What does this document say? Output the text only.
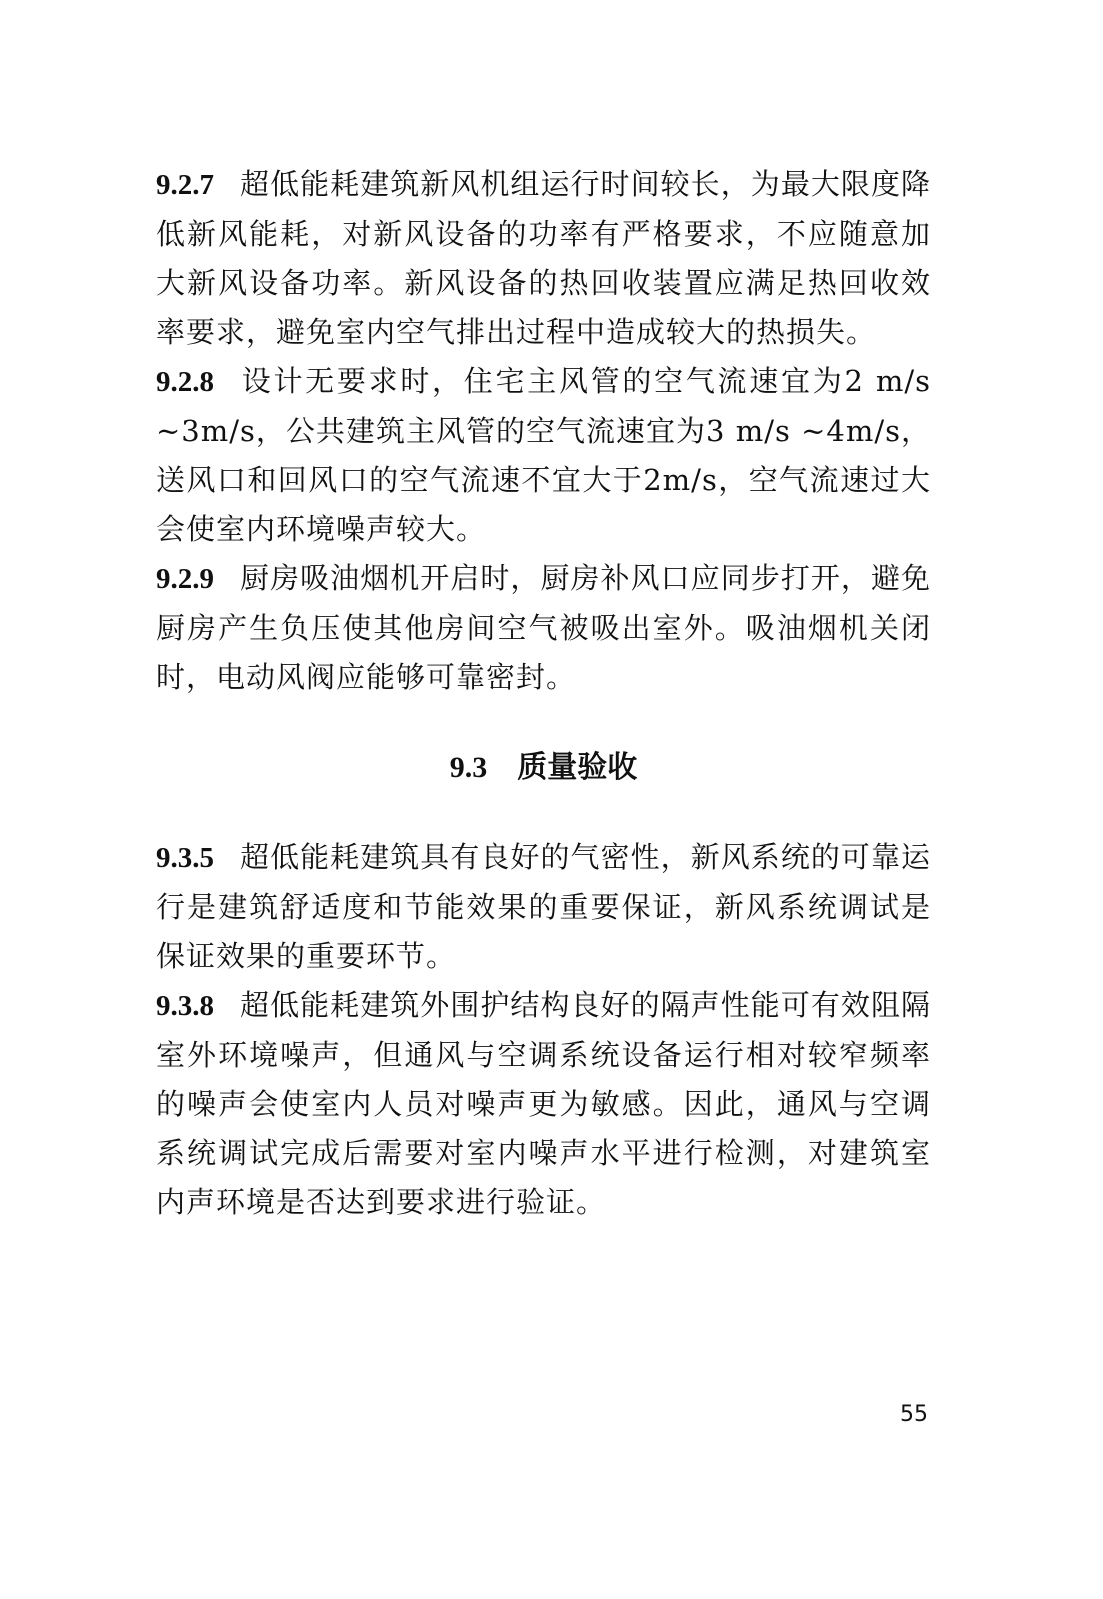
9.2.7 超低能耗建筑新风机组运行时间较长，为最大限度降低新风能耗，对新风设备的功率有严格要求，不应随意加大新风设备功率。新风设备的热回收装置应满足热回收效率要求，避免室内空气排出过程中造成较大的热损失。

9.2.8 设计无要求时，住宅主风管的空气流速宜为2 m/s ~3m/s，公共建筑主风管的空气流速宜为3 m/s ~4m/s，送风口和回风口的空气流速不宜大于2m/s，空气流速过大会使室内环境噪声较大。

9.2.9 厨房吸油烟机开启时，厨房补风口应同步打开，避免厨房产生负压使其他房间空气被吸出室外。吸油烟机关闭时，电动风阀应能够可靠密封。

9.3 质量验收

9.3.5 超低能耗建筑具有良好的气密性，新风系统的可靠运行是建筑舒适度和节能效果的重要保证，新风系统调试是保证效果的重要环节。

9.3.8 超低能耗建筑外围护结构良好的隔声性能可有效阻隔室外环境噪声，但通风与空调系统设备运行相对较窄频率的噪声会使室内人员对噪声更为敏感。因此，通风与空调系统调试完成后需要对室内噪声水平进行检测，对建筑室内声环境是否达到要求进行验证。

55
